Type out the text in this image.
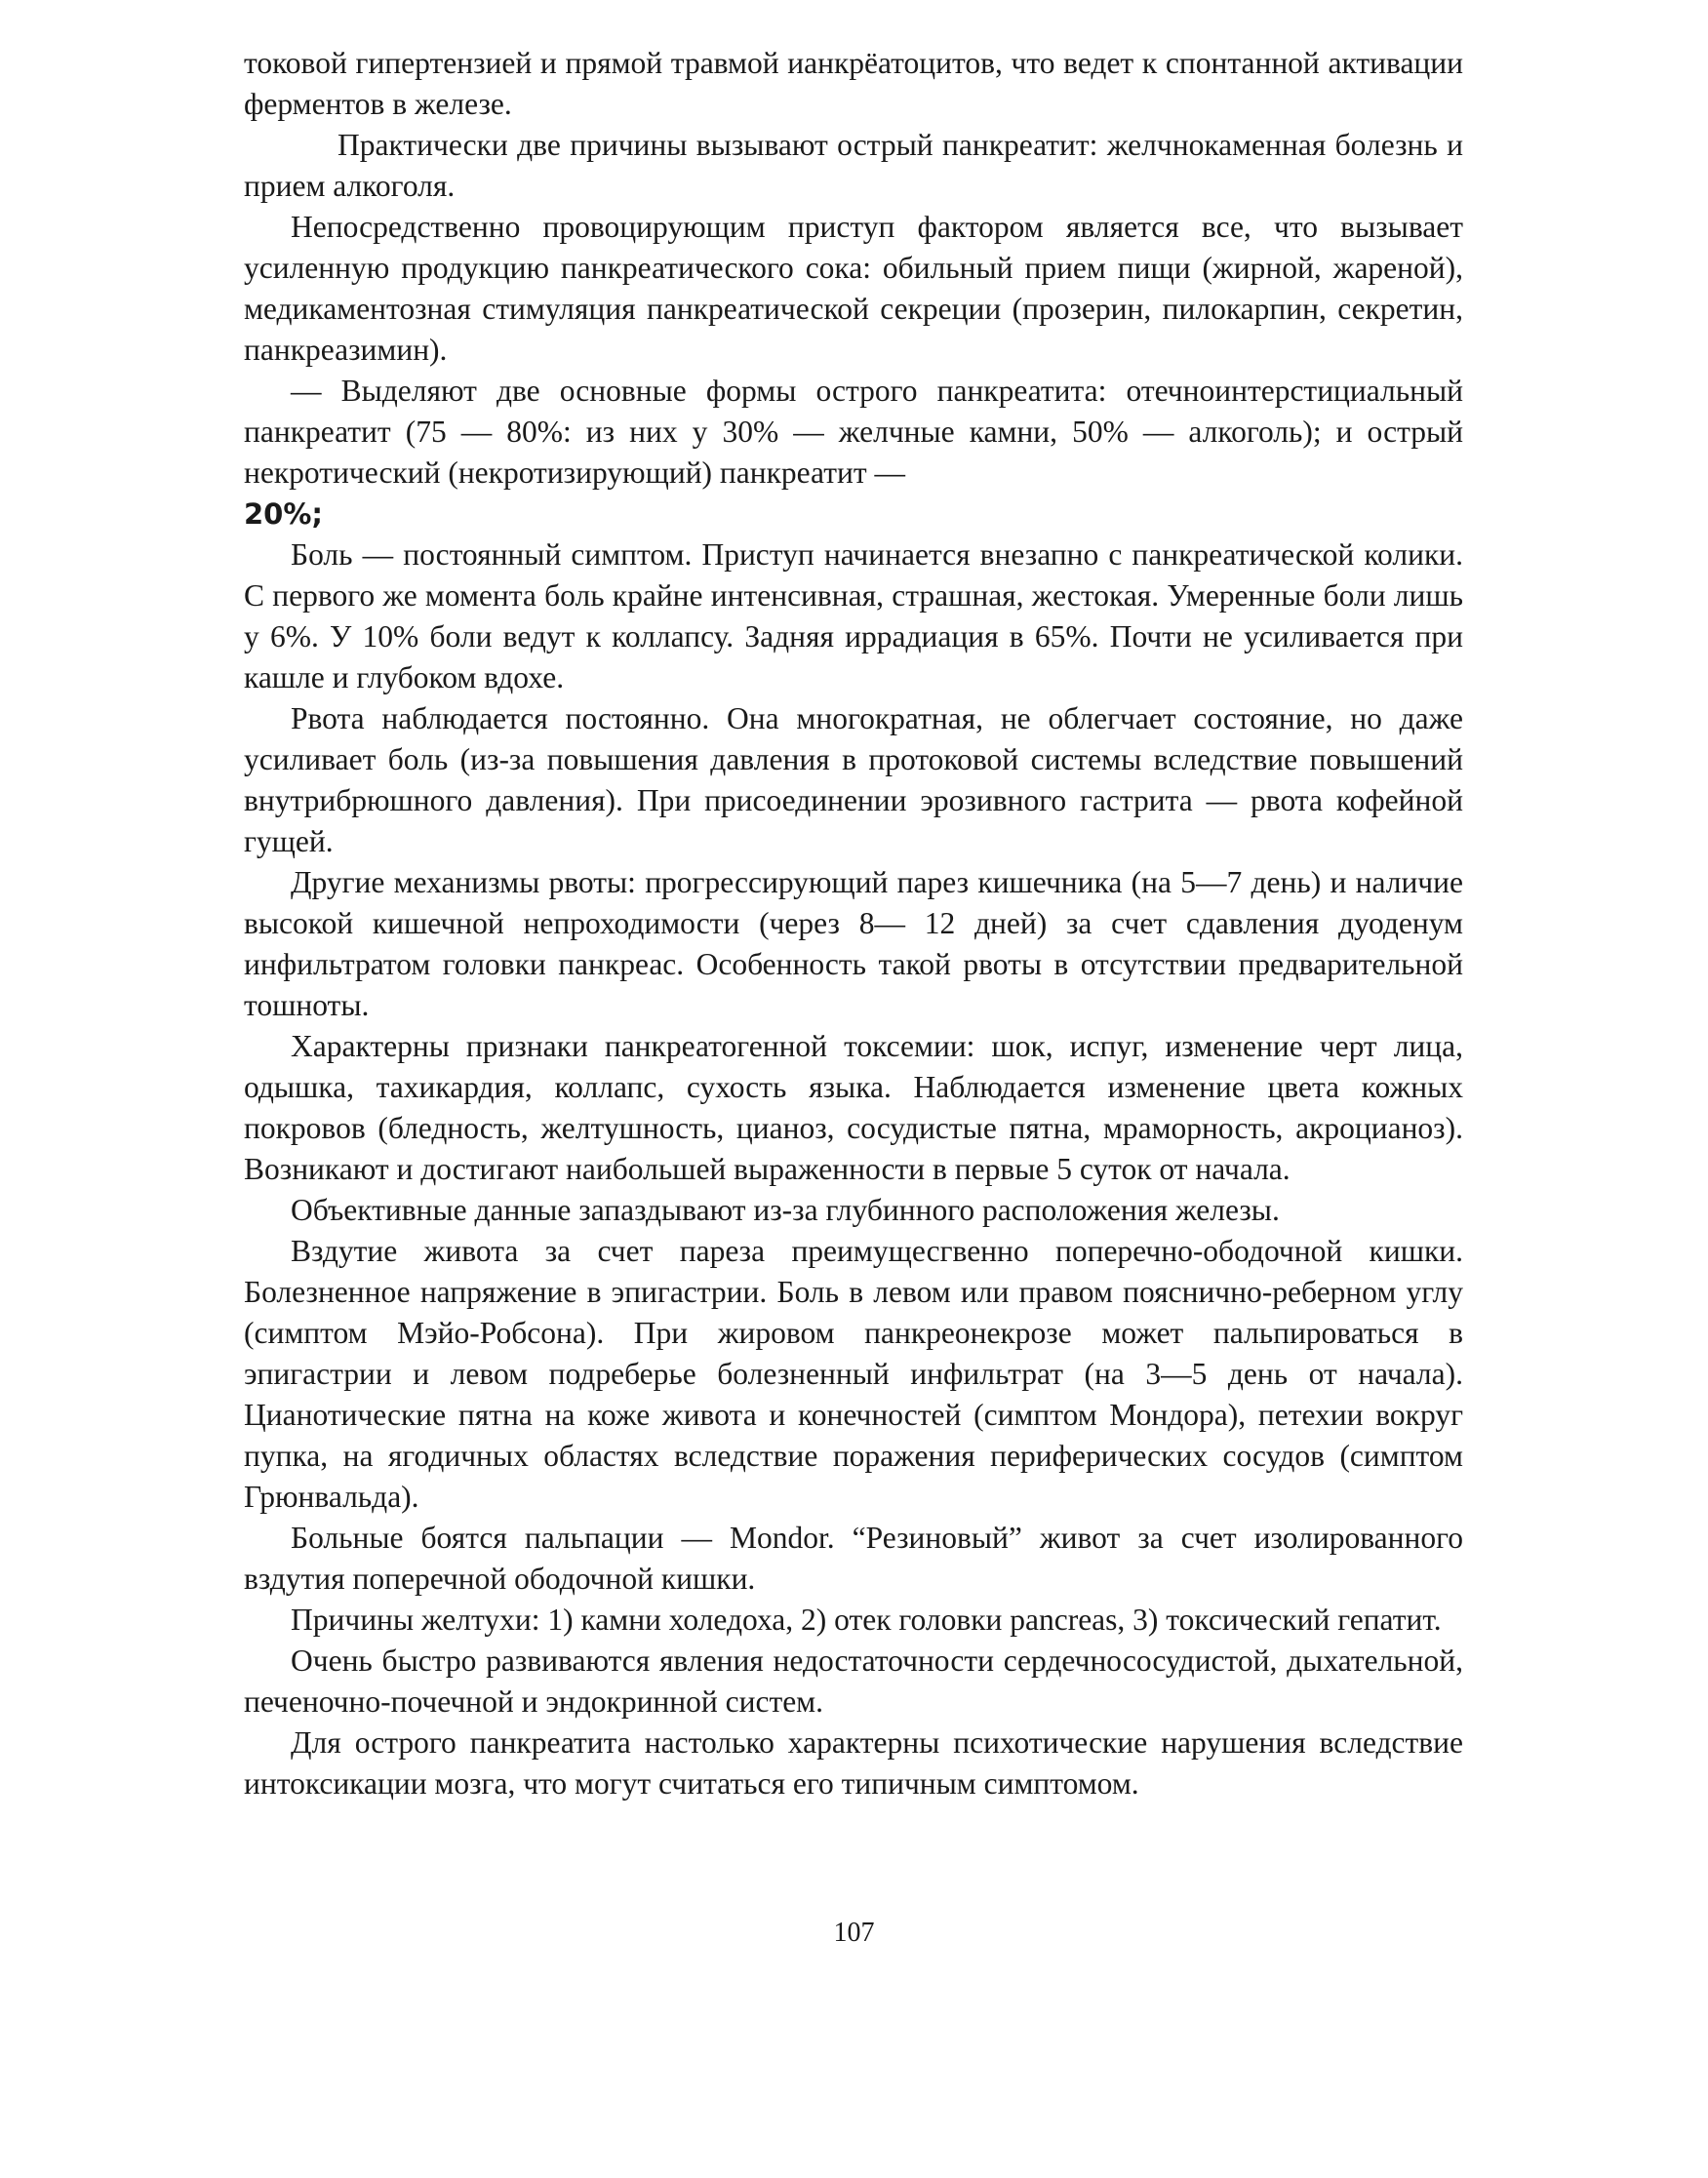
токовой гипертензией и прямой травмой ианкрёатоцитов, что ведет к спонтанной активации ферментов в железе.

Практически две причины вызывают острый панкреатит: желчнокаменная болезнь и прием алкоголя.

Непосредственно провоцирующим приступ фактором является все, что вызывает усиленную продукцию панкреатического сока: обильный прием пищи (жирной, жареной), медикаментозная стимуляция панкреатической секреции (прозерин, пилокарпин, секретин, панкреазимин).

— Выделяют две основные формы острого панкреатита: отечноинтерстициальный панкреатит (75 — 80%: из них у 30% — желчные камни, 50% — алкоголь); и острый некротический (некротизирующий) панкреатит —
20%;

Боль — постоянный симптом. Приступ начинается внезапно с панкреатической колики. С первого же момента боль крайне интенсивная, страшная, жестокая. Умеренные боли лишь у 6%. У 10% боли ведут к коллапсу. Задняя иррадиация в 65%. Почти не усиливается при кашле и глубоком вдохе.

Рвота наблюдается постоянно. Она многократная, не облегчает состояние, но даже усиливает боль (из-за повышения давления в протоковой системы вследствие повышений внутрибрюшного давления). При присоединении эрозивного гастрита — рвота кофейной гущей.

Другие механизмы рвоты: прогрессирующий парез кишечника (на 5—7 день) и наличие высокой кишечной непроходимости (через 8— 12 дней) за счет сдавления дуоденум инфильтратом головки панкреас. Особенность такой рвоты в отсутствии предварительной тошноты.

Характерны признаки панкреатогенной токсемии: шок, испуг, изменение черт лица, одышка, тахикардия, коллапс, сухость языка. Наблюдается изменение цвета кожных покровов (бледность, желтушность, цианоз, сосудистые пятна, мраморность, акроцианоз). Возникают и достигают наибольшей выраженности в первые 5 суток от начала.

Объективные данные запаздывают из-за глубинного расположения железы.

Вздутие живота за счет пареза преимущесгвенно поперечно-ободочной кишки. Болезненное напряжение в эпигастрии. Боль в левом или правом пояснично-реберном углу (симптом Мэйо-Робсона). При жировом панкреонекрозе может пальпироваться в эпигастрии и левом подреберье болезненный инфильтрат (на 3—5 день от начала). Цианотические пятна на коже живота и конечностей (симптом Мондора), петехии вокруг пупка, на ягодичных областях вследствие поражения периферических сосудов (симптом Грюнвальда).

Больные боятся пальпации — Mondor. “Резиновый” живот за счет изолированного вздутия поперечной ободочной кишки.

Причины желтухи: 1) камни холедоха, 2) отек головки pancreas, 3) токсический гепатит.

Очень быстро развиваются явления недостаточности сердечнососудистой, дыхательной, печеночно-почечной и эндокринной систем.

Для острого панкреатита настолько характерны психотические нарушения вследствие интоксикации мозга, что могут считаться его типичным симптомом.

107
